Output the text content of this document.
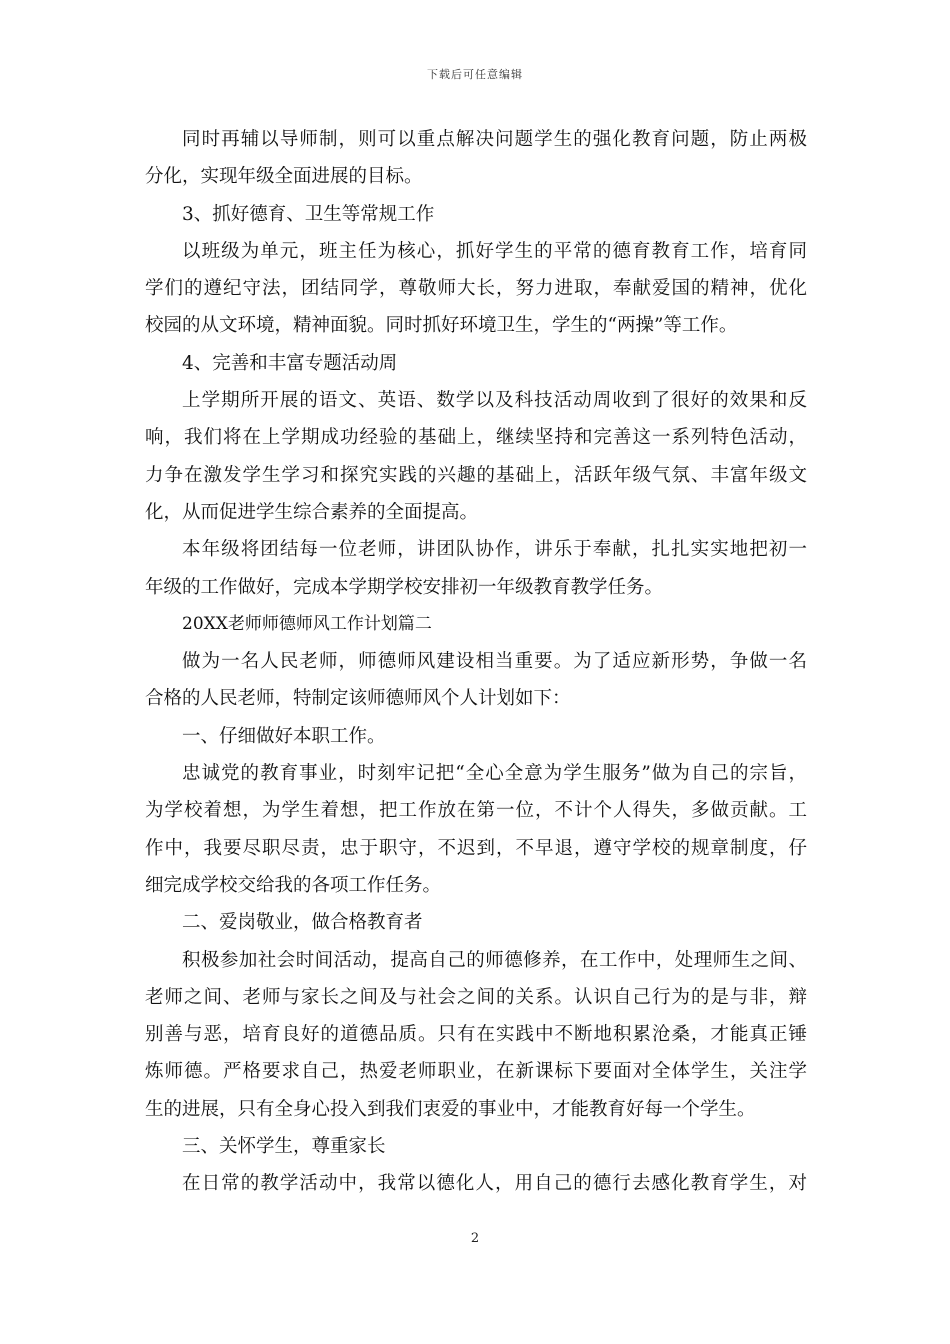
下载后可任意编辑
同时再辅以导师制，则可以重点解决问题学生的强化教育问题，防止两极
分化，实现年级全面进展的目标。
3、抓好德育、卫生等常规工作
以班级为单元，班主任为核心，抓好学生的平常的德育教育工作，培育同
学们的遵纪守法，团结同学，尊敬师大长，努力进取，奉献爱国的精神，优化
校园的从文环境，精神面貌。同时抓好环境卫生，学生的“两操”等工作。
4、完善和丰富专题活动周
上学期所开展的语文、英语、数学以及科技活动周收到了很好的效果和反
响，我们将在上学期成功经验的基础上，继续坚持和完善这一系列特色活动，
力争在激发学生学习和探究实践的兴趣的基础上，活跃年级气氛、丰富年级文
化，从而促进学生综合素养的全面提高。
本年级将团结每一位老师，讲团队协作，讲乐于奉献，扎扎实实地把初一
年级的工作做好，完成本学期学校安排初一年级教育教学任务。
20XX老师师德师风工作计划篇二
做为一名人民老师，师德师风建设相当重要。为了适应新形势，争做一名
合格的人民老师，特制定该师德师风个人计划如下：
一、仔细做好本职工作。
忠诚党的教育事业，时刻牢记把“全心全意为学生服务”做为自己的宗旨，
为学校着想，为学生着想，把工作放在第一位，不计个人得失，多做贡献。工
作中，我要尽职尽责，忠于职守，不迟到，不早退，遵守学校的规章制度，仔
细完成学校交给我的各项工作任务。
二、爱岗敬业，做合格教育者
积极参加社会时间活动，提高自己的师德修养，在工作中，处理师生之间、
老师之间、老师与家长之间及与社会之间的关系。认识自己行为的是与非，辩
别善与恶，培育良好的道德品质。只有在实践中不断地积累沧桑，才能真正锤
炼师德。严格要求自己，热爱老师职业，在新课标下要面对全体学生，关注学
生的进展，只有全身心投入到我们衷爱的事业中，才能教育好每一个学生。
三、关怀学生，尊重家长
在日常的教学活动中，我常以德化人，用自己的德行去感化教育学生，对
2
